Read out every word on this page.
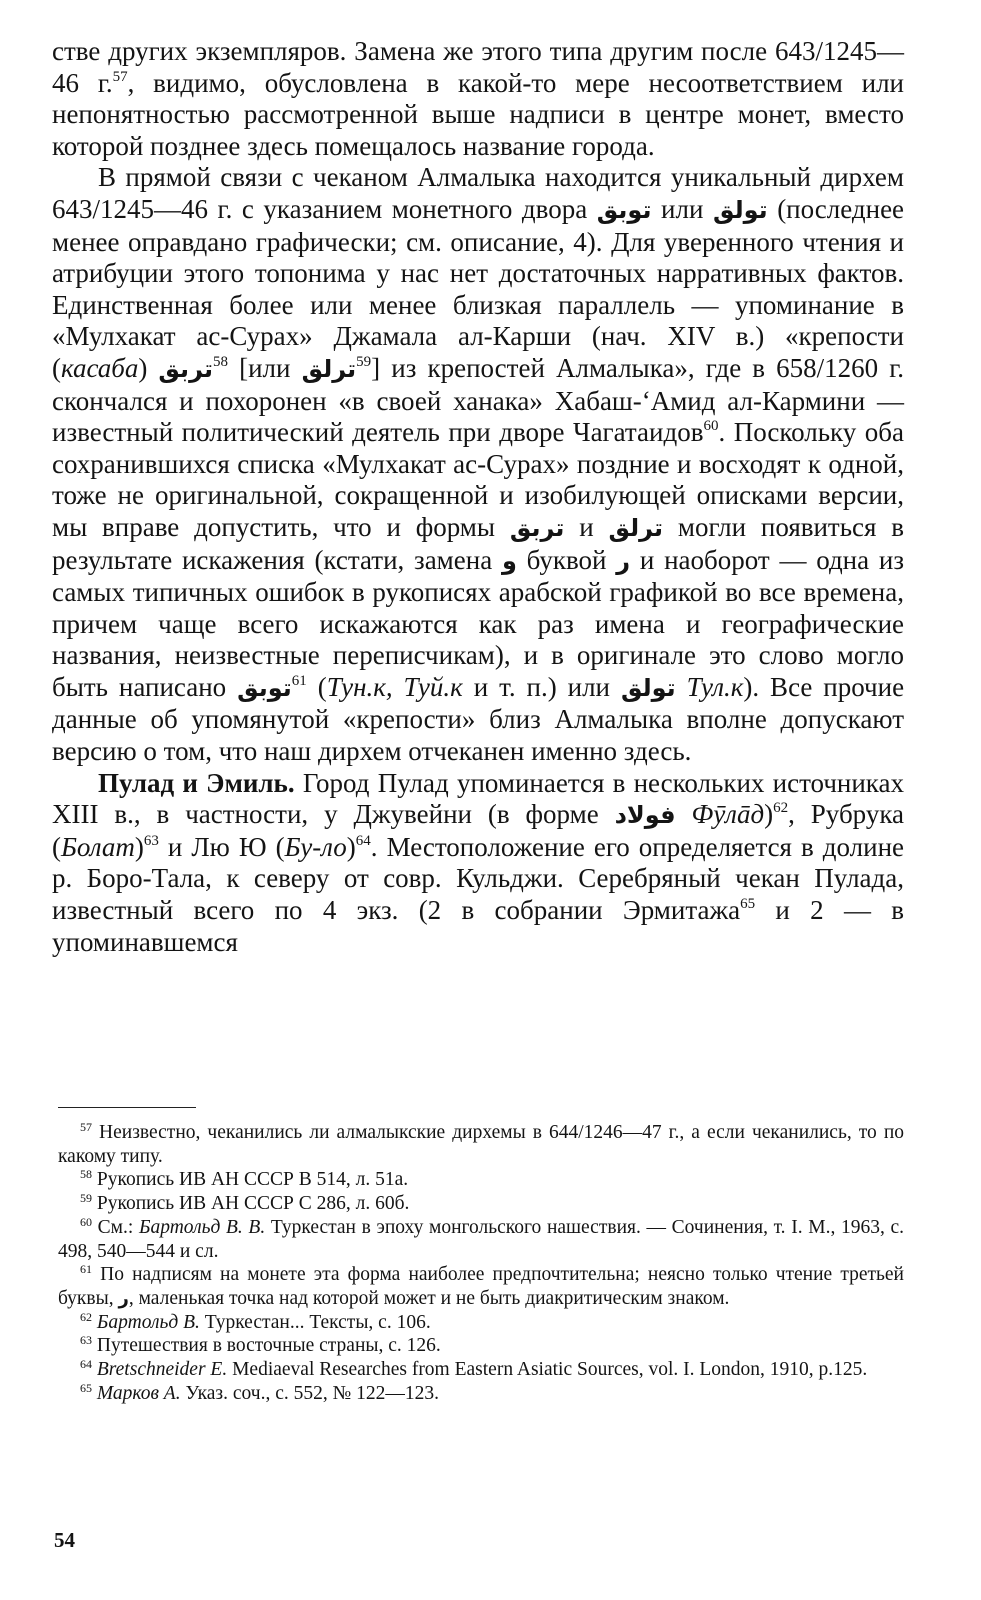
стве других экземпляров. Замена же этого типа другим после 643/1245—46 г.$^{57}$, видимо, обусловлена в какой-то мере несоответствием или непонятностью рассмотренной выше надписи в центре монет, вместо которой позднее здесь помещалось название города.

В прямой связи с чеканом Алмалыка находится уникальный дирхем 643/1245—46 г. с указанием монетного двора توبق или تولق (последнее менее оправдано графически; см. описание, 4). Для уверенного чтения и атрибуции этого топонима у нас нет достаточных нарративных фактов. Единственная более или менее близкая параллель — упоминание в «Мулхакат ас-Сурах» Джамала ал-Карши (нач. XIV в.) «крепости (касаба) تربق$^{58}$ [или ترلق$^{59}$] из крепостей Алмалыка», где в 658/1260 г. скончался и похоронен «в своей ханака» Хабаш-ʻАмид ал-Кармини — известный политический деятель при дворе Чагатаидов$^{60}$. Поскольку оба сохранившихся списка «Мулхакат ас-Сурах» поздние и восходят к одной, тоже не оригинальной, сокращенной и изобилующей описками версии, мы вправе допустить, что и формы تربق и ترلق могли появиться в результате искажения (кстати, замена و буквой ر и наоборот — одна из самых типичных ошибок в рукописях арабской графикой во все времена, причем чаще всего искажаются как раз имена и географические названия, неизвестные переписчикам), и в оригинале это слово могло быть написано توبق$^{61}$ (Тун.к, Туй.к и т. п.) или تولق Тул.к). Все прочие данные об упомянутой «крепости» близ Алмалыка вполне допускают версию о том, что наш дирхем отчеканен именно здесь.

Пулад и Эмиль. Город Пулад упоминается в нескольких источниках XIII в., в частности, у Джувейни (в форме فولاد Фӯлāд)$^{62}$, Рубрука (Болат)$^{63}$ и Лю Ю $(Бу-ло)^{64}$. Местоположение его определяется в долине р. Боро-Тала, к северу от совр. Кульджи. Серебряный чекан Пулада, известный всего по 4 экз. (2 в собрании Эрмитажа$^{65}$ и 2 — в упоминавшемся

$^{57}$ Неизвестно, чеканились ли алмалыкские дирхемы в 644/1246—47 г., а если чеканились, то по какому типу.

$^{58}$ Рукопись ИВ АН СССР В 514, л. 51а.

$^{59}$ Рукопись ИВ АН СССР С 286, л. 60б.

$^{60}$ См.: Бартольд В. В. Туркестан в эпоху монгольского нашествия. — Сочинения, т. I. М., 1963, с. 498, 540—544 и сл.

$^{61}$ По надписям на монете эта форма наиболее предпочтительна; неясно только чтение третьей буквы, ر, маленькая точка над которой может и не быть диакритическим знаком.

$^{62}$ Бартольд В. Туркестан... Тексты, с. 106.

$^{63}$ Путешествия в восточные страны, с. 126.

$^{64}$ Bretschneider E. Mediaeval Researches from Eastern Asiatic Sources, vol. I. London, 1910, p.125.

$^{65}$ Марков А. Указ. соч., с. 552, № 122—123.

54
